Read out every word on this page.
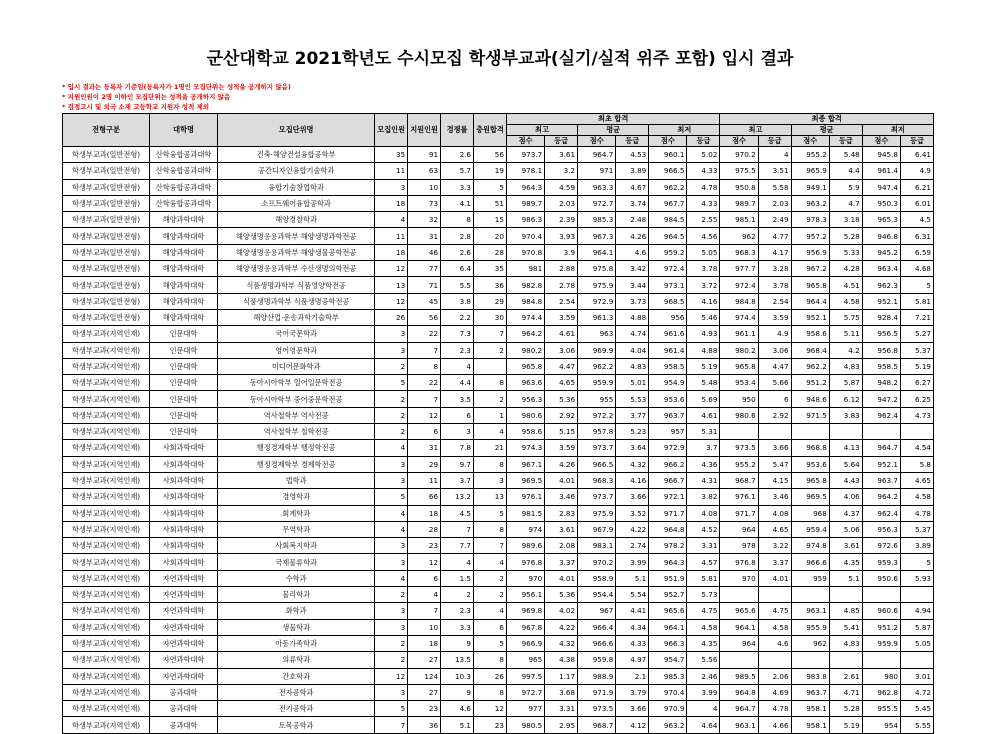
군산대학교 2021학년도 수시모집 학생부교과(실기/실적 위주 포함) 입시 결과
* 입시 결과는 등록자 기준임(등록자가 1명인 모집단위는 성적을 공개하지 않음)
* 지원인원이 2명 이하인 모집단위는 성적을 공개하지 않음
* 검정고시 및 외국 소재 고등학교 지원자 성적 제외
전형구분	대학명	모집단위명	모집인원	지원인원	경쟁률	충원합격	최초 합격						최종 합격					
							최고		평균		최저		최고		평균		최저	
							점수	등급	점수	등급	점수	등급	점수	등급	점수	등급	점수	등급
학생부교과(일반전형)	산학융합공과대학	건축·해양건설융합공학부	35	91	2.6	56	973.7	3.61	964.7	4.53	960.1	5.02	970.2	4	955.2	5.48	945.8	6.41
학생부교과(일반전형)	산학융합공과대학	공간디자인융합기술학과	11	63	5.7	19	978.1	3.2	971	3.89	966.5	4.33	975.5	3.51	965.9	4.4	961.4	4.9
학생부교과(일반전형)	산학융합공과대학	융합기술창업학과	3	10	3.3	5	964.3	4.59	963.3	4.67	962.2	4.78	950.8	5.58	949.1	5.9	947.4	6.21
학생부교과(일반전형)	산학융합공과대학	소프트웨어융합공학과	18	73	4.1	51	989.7	2.03	972.7	3.74	967.7	4.33	989.7	2.03	963.2	4.7	950.3	6.01
학생부교과(일반전형)	해양과학대학	해양경찰학과	4	32	8	15	986.3	2.39	985.3	2.48	984.5	2.55	985.1	2.49	978.3	3.18	965.3	4.5
학생부교과(일반전형)	해양과학대학	해양생명응용과학부 해양생명과학전공	11	31	2.8	20	970.4	3.93	967.3	4.26	964.5	4.56	962	4.77	957.2	5.28	946.8	6.31
학생부교과(일반전형)	해양과학대학	해양생명응용과학부 해양생물공학전공	18	46	2.6	28	970.8	3.9	964.1	4.6	959.2	5.05	968.3	4.17	956.9	5.33	945.2	6.59
학생부교과(일반전형)	해양과학대학	해양생명응용과학부 수산생명의학전공	12	77	6.4	35	981	2.88	975.8	3.42	972.4	3.78	977.7	3.28	967.2	4.28	963.4	4.68
학생부교과(일반전형)	해양과학대학	식품생명과학부 식품영양학전공	13	71	5.5	36	982.8	2.78	975.9	3.44	973.1	3.72	972.4	3.78	965.8	4.51	962.3	5
학생부교과(일반전형)	해양과학대학	식품생명과학부 식품생명공학전공	12	45	3.8	29	984.8	2.54	972.9	3.73	968.5	4.16	984.8	2.54	964.4	4.58	952.1	5.81
학생부교과(일반전형)	해양과학대학	해양산업·운송과학기술학부	26	56	2.2	30	974.4	3.59	961.3	4.88	956	5.46	974.4	3.59	952.1	5.75	928.4	7.21
학생부교과(지역인재)	인문대학	국어국문학과	3	22	7.3	7	964.2	4.61	963	4.74	961.6	4.93	961.1	4.9	958.6	5.11	956.5	5.27
학생부교과(지역인재)	인문대학	영어영문학과	3	7	2.3	2	980.2	3.06	969.9	4.04	961.4	4.88	980.2	3.06	968.4	4.2	956.8	5.37
학생부교과(지역인재)	인문대학	미디어문화학과	2	8	4		965.8	4.47	962.2	4.83	958.5	5.19	965.8	4.47	962.2	4.83	958.5	5.19
학생부교과(지역인재)	인문대학	동아시아학부 일어일문학전공	5	22	4.4	8	963.6	4.65	959.9	5.01	954.9	5.48	953.4	5.66	951.2	5.87	948.2	6.27
학생부교과(지역인재)	인문대학	동아시아학부 중어중문학전공	2	7	3.5	2	956.3	5.36	955	5.53	953.6	5.69	950	6	948.6	6.12	947.2	6.25
학생부교과(지역인재)	인문대학	역사철학부 역사전공	2	12	6	1	980.6	2.92	972.2	3.77	963.7	4.61	980.6	2.92	971.5	3.83	962.4	4.73
학생부교과(지역인재)	인문대학	역사철학부 철학전공	2	6	3	4	958.6	5.15	957.8	5.23	957	5.31						
학생부교과(지역인재)	사회과학대학	행정경제학부 행정학전공	4	31	7.8	21	974.3	3.59	973.7	3.64	972.9	3.7	973.5	3.66	968.8	4.13	964.7	4.54
학생부교과(지역인재)	사회과학대학	행정경제학부 경제학전공	3	29	9.7	8	967.1	4.26	966.5	4.32	966.2	4.36	955.2	5.47	953.6	5.64	952.1	5.8
학생부교과(지역인재)	사회과학대학	법학과	3	11	3.7	3	969.5	4.01	968.3	4.16	966.7	4.31	968.7	4.15	965.8	4.43	963.7	4.65
학생부교과(지역인재)	사회과학대학	경영학과	5	66	13.2	13	976.1	3.46	973.7	3.66	972.1	3.82	976.1	3.46	969.5	4.06	964.2	4.58
학생부교과(지역인재)	사회과학대학	회계학과	4	18	4.5	5	981.5	2.83	975.9	3.52	971.7	4.08	971.7	4.08	968	4.37	962.4	4.78
학생부교과(지역인재)	사회과학대학	무역학과	4	28	7	8	974	3.61	967.9	4.22	964.8	4.52	964	4.65	959.4	5.06	956.3	5.37
학생부교과(지역인재)	사회과학대학	사회복지학과	3	23	7.7	7	989.6	2.08	983.1	2.74	978.2	3.31	978	3.22	974.8	3.61	972.6	3.89
학생부교과(지역인재)	사회과학대학	국제물류학과	3	12	4	4	976.8	3.37	970.2	3.99	964.3	4.57	976.8	3.37	966.6	4.35	959.3	5
학생부교과(지역인재)	자연과학대학	수학과	4	6	1.5	2	970	4.01	958.9	5.1	951.9	5.81	970	4.01	959	5.1	950.6	5.93
학생부교과(지역인재)	자연과학대학	물리학과	2	4	2	2	956.1	5.36	954.4	5.54	952.7	5.73						
학생부교과(지역인재)	자연과학대학	화학과	3	7	2.3	4	969.8	4.02	967	4.41	965.6	4.75	965.6	4.75	963.1	4.85	960.6	4.94
학생부교과(지역인재)	자연과학대학	생물학과	3	10	3.3	6	967.8	4.22	966.4	4.34	964.1	4.58	964.1	4.58	955.9	5.41	951.2	5.87
학생부교과(지역인재)	자연과학대학	아동가족학과	2	18	9	5	966.9	4.32	966.6	4.33	966.3	4.35	964	4.6	962	4.83	959.9	5.05
학생부교과(지역인재)	자연과학대학	의류학과	2	27	13.5	8	965	4.38	959.8	4.97	954.7	5.56						
학생부교과(지역인재)	자연과학대학	간호학과	12	124	10.3	26	997.5	1.17	988.9	2.1	985.3	2.46	989.5	2.06	983.8	2.61	980	3.01
학생부교과(지역인재)	공과대학	전자공학과	3	27	9	8	972.7	3.68	971.9	3.79	970.4	3.99	964.8	4.69	963.7	4.71	962.8	4.72
학생부교과(지역인재)	공과대학	전기공학과	5	23	4.6	12	977	3.31	973.5	3.66	970.9	4	964.7	4.78	958.1	5.28	955.5	5.45
학생부교과(지역인재)	공과대학	토목공학과	7	36	5.1	23	980.5	2.95	968.7	4.12	963.2	4.64	963.1	4.66	958.1	5.19	954	5.55
